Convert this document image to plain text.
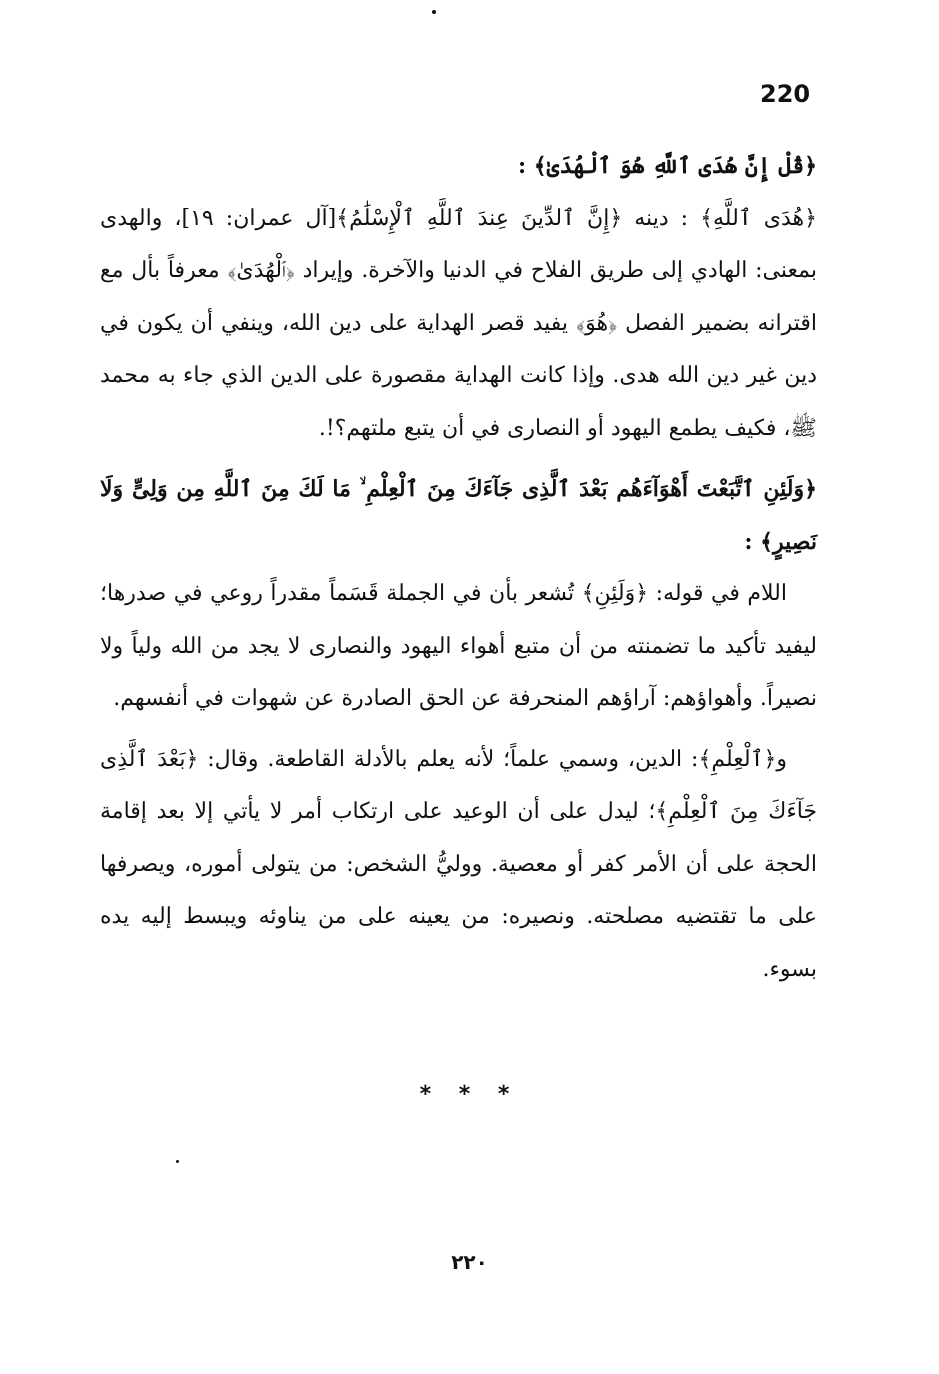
220

﴿قُلْ إِنَّ هُدَى ٱللَّهِ هُوَ ٱلْهُدَىٰ﴾ :

﴿هُدَى ٱللَّهِ﴾ : دينه ﴿إِنَّ ٱلدِّينَ عِندَ ٱللَّهِ ٱلْإِسْلَٰمُ﴾[آل عمران: ١٩]، والهدى بمعنى: الهادي إلى طريق الفلاح في الدنيا والآخرة. وإيراد ﴿ٱلْهُدَىٰ﴾ معرفاً بأل مع اقترانه بضمير الفصل ﴿هُوَ﴾ يفيد قصر الهداية على دين الله، وينفي أن يكون في دين غير دين الله هدى. وإذا كانت الهداية مقصورة على الدين الذي جاء به محمد ﷺ، فكيف يطمع اليهود أو النصارى في أن يتبع ملتهم؟!.

﴿وَلَئِنِ ٱتَّبَعْتَ أَهْوَآءَهُم بَعْدَ ٱلَّذِى جَآءَكَ مِنَ ٱلْعِلْمِ ۙ مَا لَكَ مِنَ ٱللَّهِ مِن وَلِىٍّ وَلَا نَصِيرٍ﴾ :

اللام في قوله: ﴿وَلَئِنِ﴾ تُشعر بأن في الجملة قَسَماً مقدراً روعي في صدرها؛ ليفيد تأكيد ما تضمنته من أن متبع أهواء اليهود والنصارى لا يجد من الله ولياً ولا نصيراً. وأهواؤهم: آراؤهم المنحرفة عن الحق الصادرة عن شهوات في أنفسهم.

و﴿ٱلْعِلْمِ﴾: الدين، وسمي علماً؛ لأنه يعلم بالأدلة القاطعة. وقال: ﴿بَعْدَ ٱلَّذِى جَآءَكَ مِنَ ٱلْعِلْمِ﴾؛ ليدل على أن الوعيد على ارتكاب أمر لا يأتي إلا بعد إقامة الحجة على أن الأمر كفر أو معصية. ووليُّ الشخص: من يتولى أموره، ويصرفها على ما تقتضيه مصلحته. ونصيره: من يعينه على من يناوئه ويبسط إليه يده بسوء.

* * *
٢٢٠
